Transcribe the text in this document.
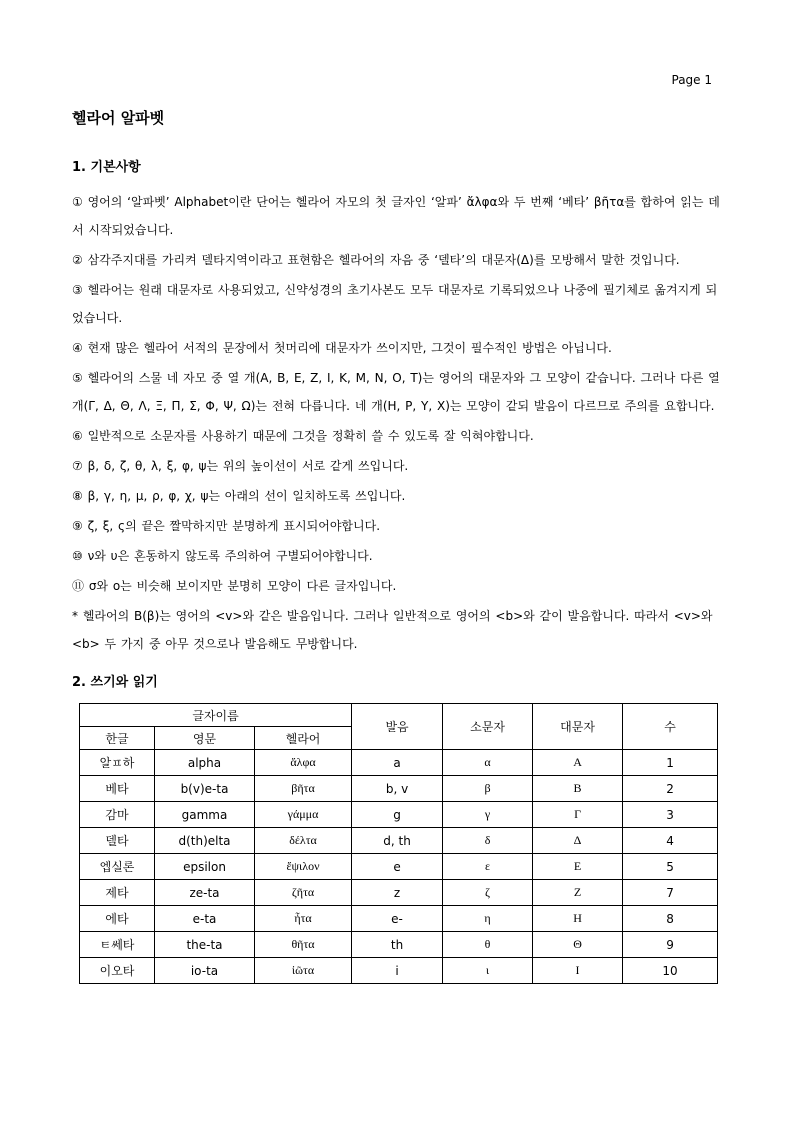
Page 1
헬라어 알파벳
1. 기본사항

① 영어의 ‘알파벳’ Alphabet이란 단어는 헬라어 자모의 첫 글자인 ‘알파’ ἄλφα와 두 번째 ‘베타’ βῆτα를 합하여 읽는 데서 시작되었습니다.

② 삼각주지대를 가리켜 델타지역이라고 표현함은 헬라어의 자음 중 ‘델타’의 대문자(Δ)를 모방해서 말한 것입니다.

③ 헬라어는 원래 대문자로 사용되었고, 신약성경의 초기사본도 모두 대문자로 기록되었으나 나중에 필기체로 옮겨지게 되었습니다.

④ 현재 많은 헬라어 서적의 문장에서 첫머리에 대문자가 쓰이지만, 그것이 필수적인 방법은 아닙니다.

⑤ 헬라어의 스물 네 자모 중 열 개(A, B, E, Z, I, K, M, N, O, T)는 영어의 대문자와 그 모양이 같습니다. 그러나 다른 열 개(Γ, Δ, Θ, Λ, Ξ, Π, Σ, Φ, Ψ, Ω)는 전혀 다릅니다. 네 개(Η, Ρ, Υ, Χ)는 모양이 같되 발음이 다르므로 주의를 요합니다.

⑥ 일반적으로 소문자를 사용하기 때문에 그것을 정확히 쓸 수 있도록 잘 익혀야합니다.

⑦ β, δ, ζ, θ, λ, ξ, φ, ψ는 위의 높이선이 서로 같게 쓰입니다.

⑧ β, γ, η, μ, ρ, φ, χ, ψ는 아래의 선이 일치하도록 쓰입니다.

⑨ ζ, ξ, ς의 끝은 짤막하지만 분명하게 표시되어야합니다.

⑩ ν와 υ은 혼동하지 않도록 주의하여 구별되어야합니다.

⑪ σ와 ο는 비슷해 보이지만 분명히 모양이 다른 글자입니다.

* 헬라어의 Β(β)는 영어의 <v>와 같은 발음입니다. 그러나 일반적으로 영어의 <b>와 같이 발음합니다. 따라서 <v>와 <b> 두 가지 중 아무 것으로나 발음해도 무방합니다.

2. 쓰기와 읽기
글자이름			발음	소문자	대문자	수
한글	영문	헬라어				
알ㅍ하	alpha	ἄλφα	a	α	Α	1
베타	b(v)e-ta	βῆτα	b, v	β	Β	2
감마	gamma	γάμμα	g	γ	Γ	3
델타	d(th)elta	δέλτα	d, th	δ	Δ	4
엡실론	epsilon	ἔψιλον	e	ε	Ε	5
제타	ze-ta	ζῆτα	z	ζ	Ζ	7
에타	e-ta	ἦτα	e-	η	Η	8
ㅌ쎄타	the-ta	θῆτα	th	θ	Θ	9
이오타	io-ta	ἰῶτα	i	ι	Ι	10
